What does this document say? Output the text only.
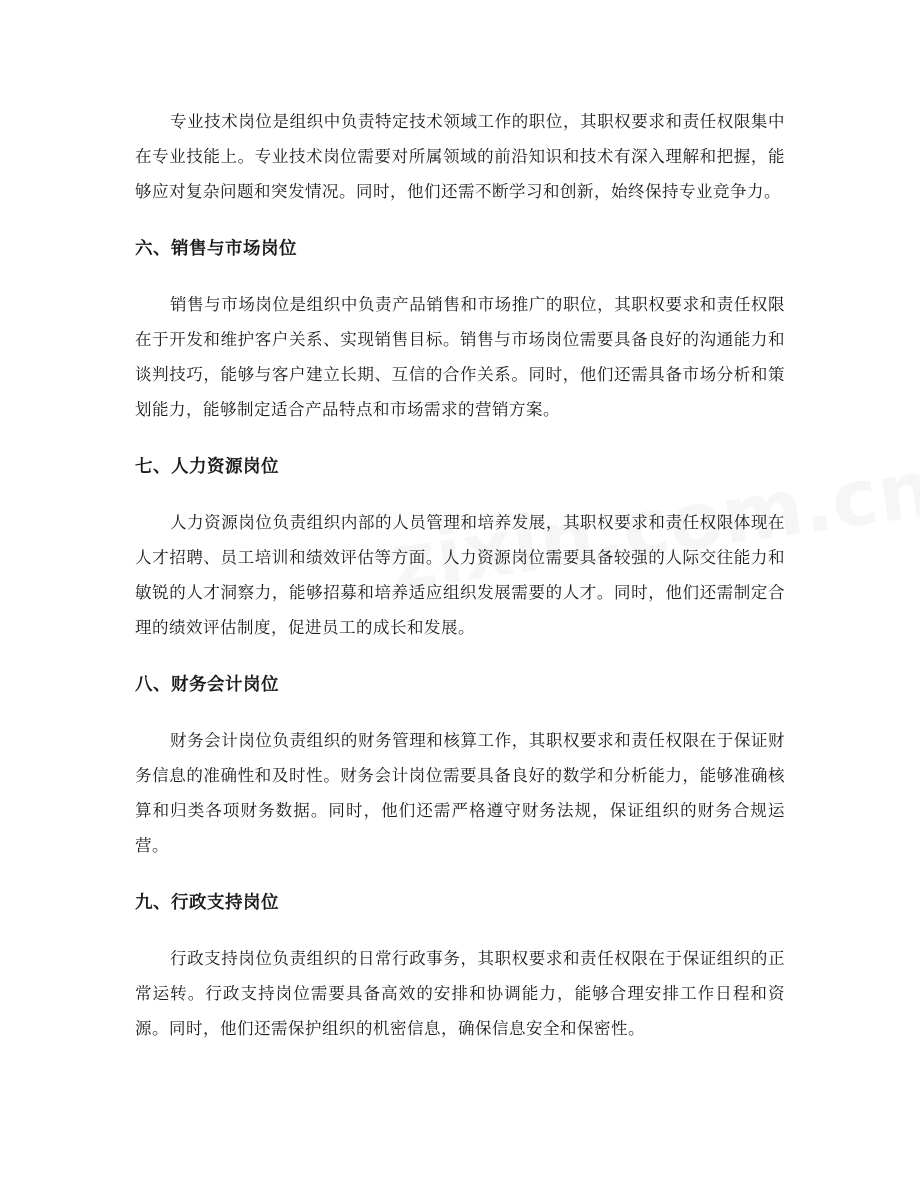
专业技术岗位是组织中负责特定技术领域工作的职位，其职权要求和责任权限集中在专业技能上。专业技术岗位需要对所属领域的前沿知识和技术有深入理解和把握，能够应对复杂问题和突发情况。同时，他们还需不断学习和创新，始终保持专业竞争力。

六、销售与市场岗位

销售与市场岗位是组织中负责产品销售和市场推广的职位，其职权要求和责任权限在于开发和维护客户关系、实现销售目标。销售与市场岗位需要具备良好的沟通能力和谈判技巧，能够与客户建立长期、互信的合作关系。同时，他们还需具备市场分析和策划能力，能够制定适合产品特点和市场需求的营销方案。

七、人力资源岗位

人力资源岗位负责组织内部的人员管理和培养发展，其职权要求和责任权限体现在人才招聘、员工培训和绩效评估等方面。人力资源岗位需要具备较强的人际交往能力和敏锐的人才洞察力，能够招募和培养适应组织发展需要的人才。同时，他们还需制定合理的绩效评估制度，促进员工的成长和发展。

八、财务会计岗位

财务会计岗位负责组织的财务管理和核算工作，其职权要求和责任权限在于保证财务信息的准确性和及时性。财务会计岗位需要具备良好的数学和分析能力，能够准确核算和归类各项财务数据。同时，他们还需严格遵守财务法规，保证组织的财务合规运营。

九、行政支持岗位

行政支持岗位负责组织的日常行政事务，其职权要求和责任权限在于保证组织的正常运转。行政支持岗位需要具备高效的安排和协调能力，能够合理安排工作日程和资源。同时，他们还需保护组织的机密信息，确保信息安全和保密性。
